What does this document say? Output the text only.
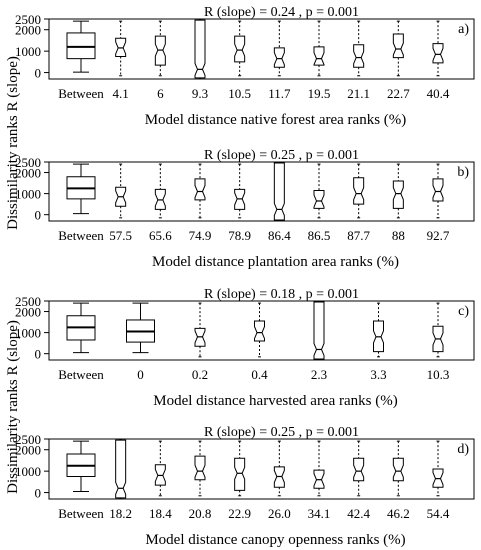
Dissimilarity ranks R (slope)
Dissimilarity ranks R (slope)
R (slope) = 0.24 , p = 0.001
a)
0
1000
2000
2500
Between 4.1 6 9.3 10.5 11.7 19.5 21.1 22.7 40.4
Model distance native forest area ranks (%)
R (slope) = 0.25 , p = 0.001
b)
0
1000
2000
2500
Between 57.5 65.6 74.9 78.9 86.4 86.5 87.7 88 92.7
Model distance plantation area ranks (%)
R (slope) = 0.18 , p = 0.001
c)
0
1000
2000
2500
Between	0	0.2	0.4	2.3	3.3	10.3
Model distance harvested area ranks (%)
R (slope) = 0.25 , p = 0.001
d)
0
1000
2000
2500
Between 18.2 18.4 20.8 22.9 26.0 34.1 42.4 46.2 54.4
Model distance canopy openness ranks (%)
